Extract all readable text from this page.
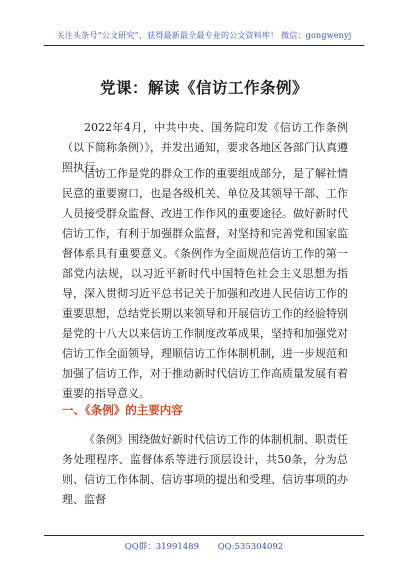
关注头条号“公文研究”，获得最新最全最专业的公文资料库！ 微信：gongwenyj
党课：解读《信访工作条例》

2022年4月，中共中央、国务院印发《信访工作条例（以下简称条例）》，并发出通知，要求各地区各部门认真遵照执行。

信访工作是党的群众工作的重要组成部分，是了解社情民意的重要窗口，也是各级机关、单位及其领导干部、工作人员接受群众监督、改进工作作风的重要途径。做好新时代信访工作，有利于加强群众监督，对坚持和完善党和国家监督体系具有重要意义。《条例作为全面规范信访工作的第一部党内法规，以习近平新时代中国特色社会主义思想为指导，深入贯彻习近平总书记关于加强和改进人民信访工作的重要思想，总结党长期以来领导和开展信访工作的经验特别是党的十八大以来信访工作制度改革成果，坚持和加强党对信访工作全面领导，理顺信访工作体制机制，进一步规范和加强了信访工作，对于推动新时代信访工作高质量发展有着重要的指导意义。

一、《条例》的主要内容

《条例》围绕做好新时代信访工作的体制机制、职责任务处理程序、监督体系等进行顶层设计，共50条，分为总则、信访工作体制、信访事项的提出和受理、信访事项的办理、监督

QQ群：31991489 QQ:535304092
